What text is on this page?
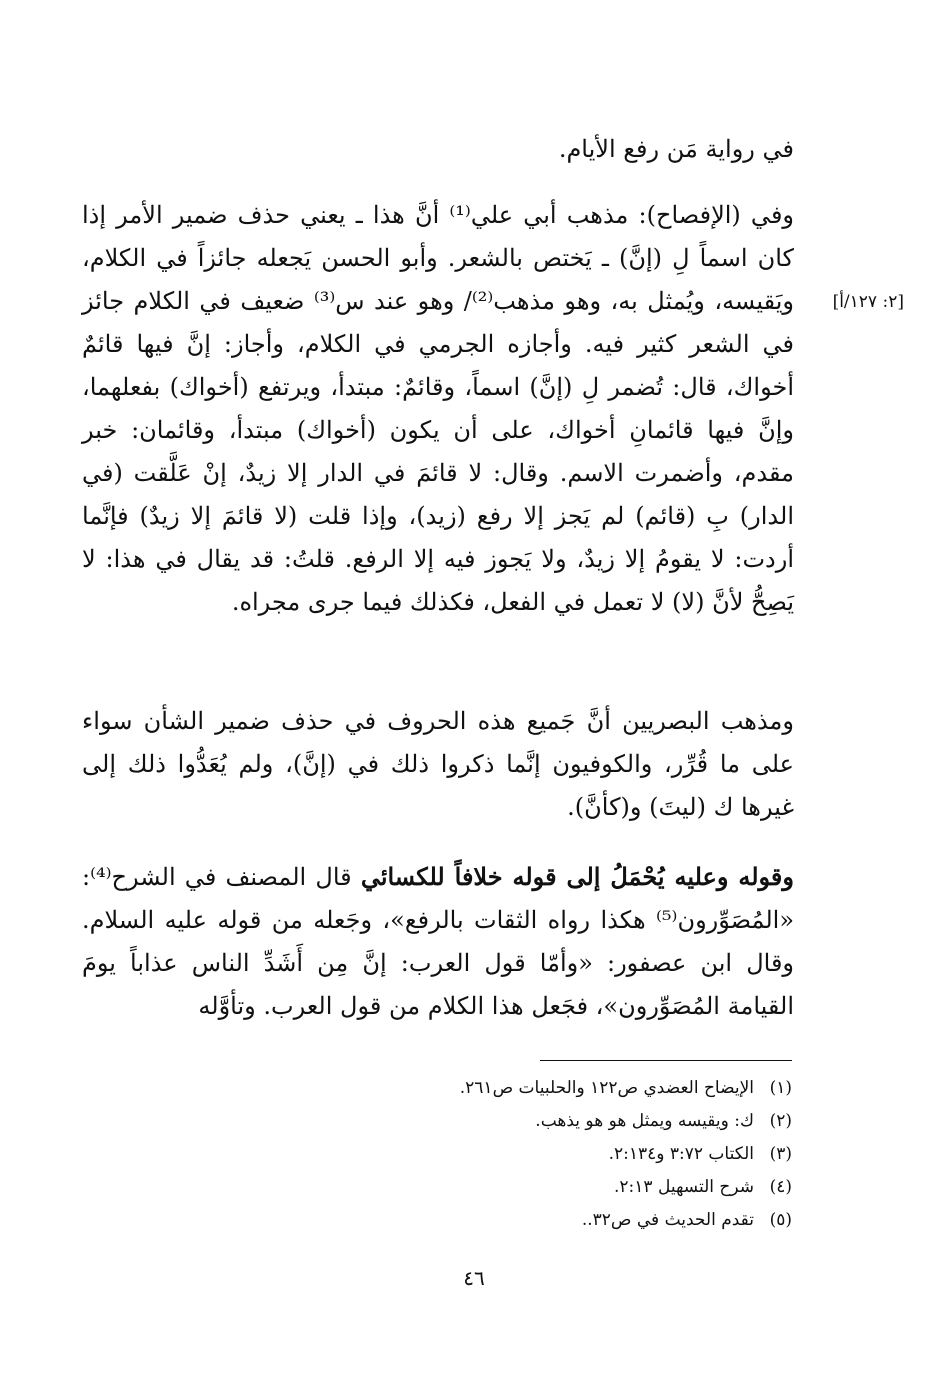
في رواية مَن رفع الأيام.

وفي (الإفصاح): مذهب أبي علي⁽¹⁾ أنَّ هذا ـ يعني حذف ضمير الأمر إذا كان اسماً لِ (إنَّ) ـ يَختص بالشعر. وأبو الحسن يَجعله جائزاً في الكلام، ويَقيسه، ويُمثل به، وهو مذهب⁽²⁾/ وهو عند س⁽³⁾ ضعيف في الكلام جائز في الشعر كثير فيه. وأجازه الجرمي في الكلام، وأجاز: إنَّ فيها قائمٌ أخواك، قال: تُضمر لِ (إنَّ) اسماً، وقائمٌ: مبتدأ، ويرتفع (أخواك) بفعلهما، وإنَّ فيها قائمانِ أخواك، على أن يكون (أخواك) مبتدأ، وقائمان: خبر مقدم، وأضمرت الاسم. وقال: لا قائمَ في الدار إلا زيدٌ، إنْ عَلَّقت (في الدار) بِ (قائم) لم يَجز إلا رفع (زيد)، وإذا قلت (لا قائمَ إلا زيدٌ) فإنَّما أردت: لا يقومُ إلا زيدٌ، ولا يَجوز فيه إلا الرفع. قلتُ: قد يقال في هذا: لا يَصِحُّ لأنَّ (لا) لا تعمل في الفعل، فكذلك فيما جرى مجراه.

[٢: ١٢٧/أ]

ومذهب البصريين أنَّ جَميع هذه الحروف في حذف ضمير الشأن سواء على ما قُرِّر، والكوفيون إنَّما ذكروا ذلك في (إنَّ)، ولم يُعَدُّوا ذلك إلى غيرها ك (ليتَ) و(كأنَّ).

وقوله وعليه يُحْمَلُ إلى قوله خلافاً للكسائي قال المصنف في الشرح⁽⁴⁾: «المُصَوِّرون⁽⁵⁾ هكذا رواه الثقات بالرفع»، وجَعله من قوله عليه السلام. وقال ابن عصفور: «وأمّا قول العرب: إنَّ مِن أَشَدِّ الناس عذاباً يومَ القيامة المُصَوِّرون»، فجَعل هذا الكلام من قول العرب. وتأوَّله

(١)الإيضاح العضدي ص١٢٢ والحلبيات ص٢٦١.
(٢)ك: ويقيسه ويمثل هو هو يذهب.
(٣)الكتاب ٣:٧٢ و٢:١٣٤.
(٤)شرح التسهيل ٢:١٣.
(٥)تقدم الحديث في ص٣٢..
٤٦
